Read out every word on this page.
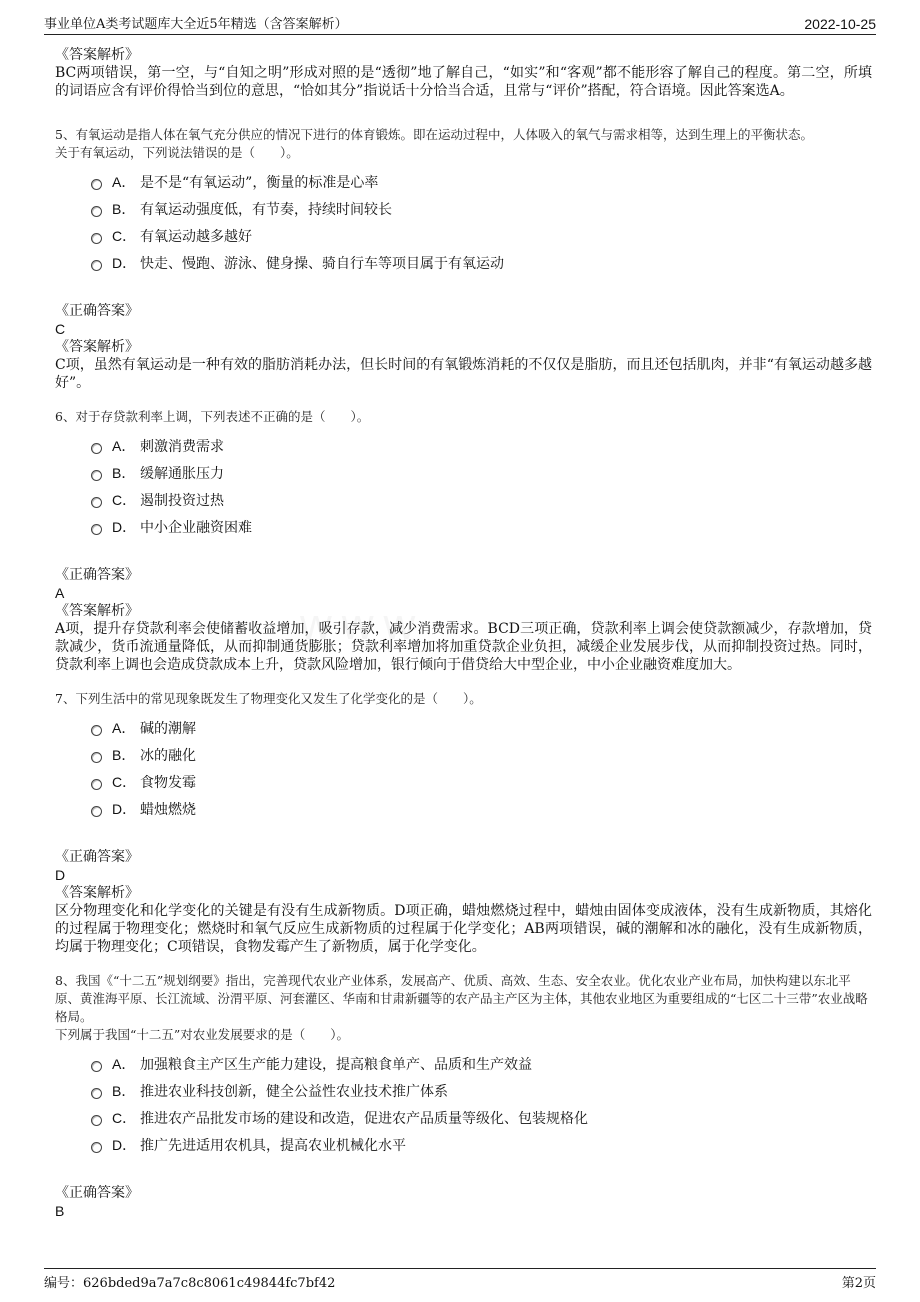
事业单位A类考试题库大全近5年精选（含答案解析）	2022-10-25

《答案解析》

BC两项错误，第一空，与“自知之明”形成对照的是“透彻”地了解自己，“如实”和“客观”都不能形容了解自己的程度。第二空，所填的词语应含有评价得恰当到位的意思，“恰如其分”指说话十分恰当合适，且常与“评价”搭配，符合语境。因此答案选A。

5、有氧运动是指人体在氧气充分供应的情况下进行的体育锻炼。即在运动过程中，人体吸入的氧气与需求相等，达到生理上的平衡状态。

关于有氧运动，下列说法错误的是（　　）。

A． 是不是“有氧运动”，衡量的标准是心率
B． 有氧运动强度低，有节奏，持续时间较长
C． 有氧运动越多越好
D． 快走、慢跑、游泳、健身操、骑自行车等项目属于有氧运动

《正确答案》

C

《答案解析》

C项，虽然有氧运动是一种有效的脂肪消耗办法，但长时间的有氧锻炼消耗的不仅仅是脂肪，而且还包括肌肉，并非“有氧运动越多越好”。

6、对于存贷款利率上调，下列表述不正确的是（　　）。

A． 刺激消费需求
B． 缓解通胀压力
C． 遏制投资过热
D． 中小企业融资困难

《正确答案》

A

《答案解析》

A项，提升存贷款利率会使储蓄收益增加，吸引存款，减少消费需求。BCD三项正确，贷款利率上调会使贷款额减少，存款增加，贷款减少，货币流通量降低，从而抑制通货膨胀；贷款利率增加将加重贷款企业负担，减缓企业发展步伐，从而抑制投资过热。同时，贷款利率上调也会造成贷款成本上升，贷款风险增加，银行倾向于借贷给大中型企业，中小企业融资难度加大。

7、下列生活中的常见现象既发生了物理变化又发生了化学变化的是（　　）。

A． 碱的潮解
B． 冰的融化
C． 食物发霉
D． 蜡烛燃烧

《正确答案》

D

《答案解析》

区分物理变化和化学变化的关键是有没有生成新物质。D项正确，蜡烛燃烧过程中，蜡烛由固体变成液体，没有生成新物质，其熔化的过程属于物理变化；燃烧时和氧气反应生成新物质的过程属于化学变化；AB两项错误，碱的潮解和冰的融化，没有生成新物质，均属于物理变化；C项错误，食物发霉产生了新物质，属于化学变化。

8、我国《“十二五”规划纲要》指出，完善现代农业产业体系，发展高产、优质、高效、生态、安全农业。优化农业产业布局，加快构建以东北平原、黄淮海平原、长江流域、汾渭平原、河套灌区、华南和甘肃新疆等的农产品主产区为主体，其他农业地区为重要组成的“七区二十三带”农业战略格局。

下列属于我国“十二五”对农业发展要求的是（　　）。

A． 加强粮食主产区生产能力建设，提高粮食单产、品质和生产效益
B． 推进农业科技创新，健全公益性农业技术推广体系
C． 推进农产品批发市场的建设和改造，促进农产品质量等级化、包装规格化
D． 推广先进适用农机具，提高农业机械化水平

《正确答案》

B

编号：626bded9a7a7c8c8061c49844fc7bf42	第2页
